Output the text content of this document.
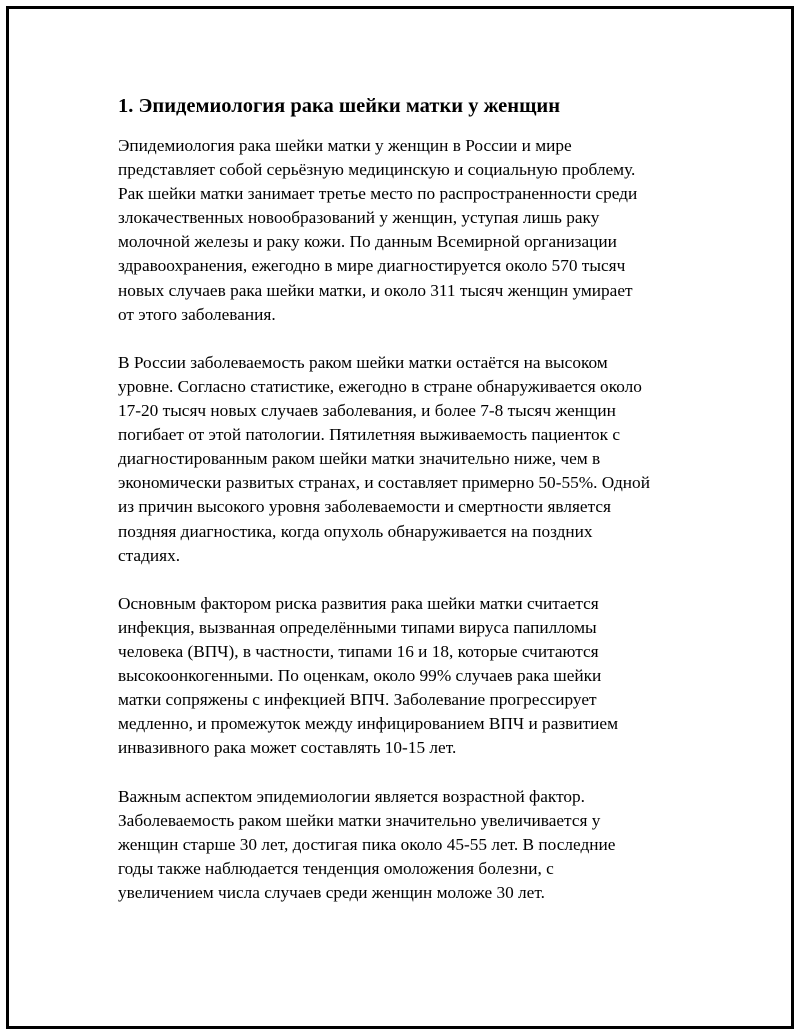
1. Эпидемиология рака шейки матки у женщин

Эпидемиология рака шейки матки у женщин в России и мире
представляет собой серьёзную медицинскую и социальную проблему.
Рак шейки матки занимает третье место по распространенности среди
злокачественных новообразований у женщин, уступая лишь раку
молочной железы и раку кожи. По данным Всемирной организации
здравоохранения, ежегодно в мире диагностируется около 570 тысяч
новых случаев рака шейки матки, и около 311 тысяч женщин умирает
от этого заболевания.

В России заболеваемость раком шейки матки остаётся на высоком
уровне. Согласно статистике, ежегодно в стране обнаруживается около
17-20 тысяч новых случаев заболевания, и более 7-8 тысяч женщин
погибает от этой патологии. Пятилетняя выживаемость пациенток с
диагностированным раком шейки матки значительно ниже, чем в
экономически развитых странах, и составляет примерно 50-55%. Одной
из причин высокого уровня заболеваемости и смертности является
поздняя диагностика, когда опухоль обнаруживается на поздних
стадиях.

Основным фактором риска развития рака шейки матки считается
инфекция, вызванная определёнными типами вируса папилломы
человека (ВПЧ), в частности, типами 16 и 18, которые считаются
высокоонкогенными. По оценкам, около 99% случаев рака шейки
матки сопряжены с инфекцией ВПЧ. Заболевание прогрессирует
медленно, и промежуток между инфицированием ВПЧ и развитием
инвазивного рака может составлять 10-15 лет.

Важным аспектом эпидемиологии является возрастной фактор.
Заболеваемость раком шейки матки значительно увеличивается у
женщин старше 30 лет, достигая пика около 45-55 лет. В последние
годы также наблюдается тенденция омоложения болезни, с
увеличением числа случаев среди женщин моложе 30 лет.
